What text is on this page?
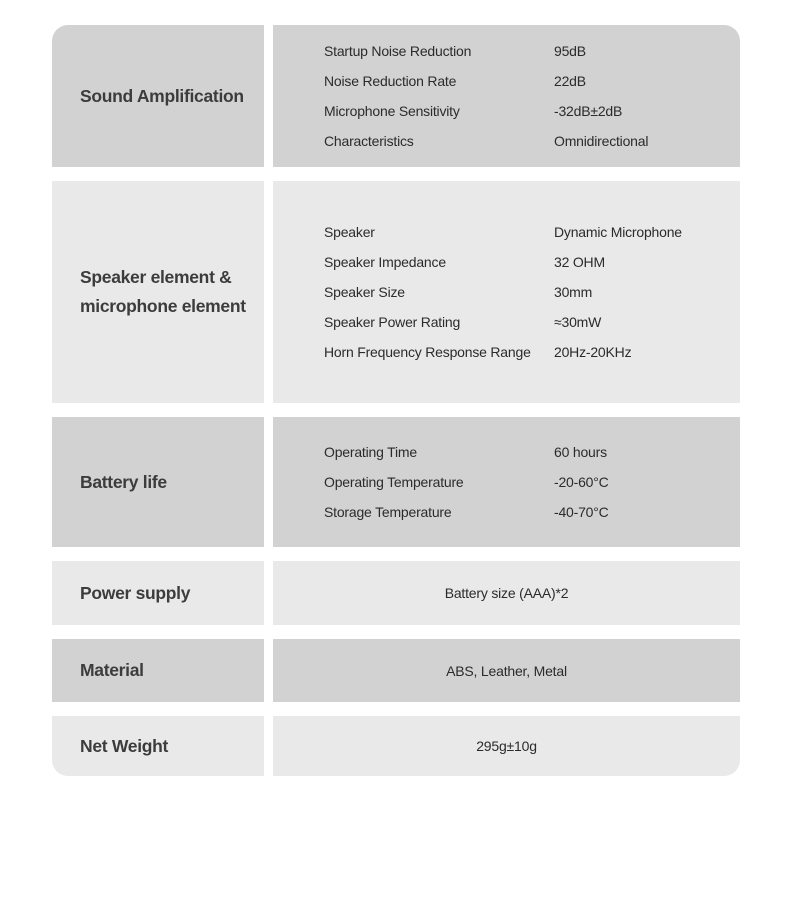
Sound Amplification
Startup Noise Reduction	95dB
Noise Reduction Rate	22dB
Microphone Sensitivity	-32dB±2dB
Characteristics	Omnidirectional
Speaker element & microphone element
Speaker	Dynamic Microphone
Speaker Impedance	32 OHM
Speaker Size	30mm
Speaker Power Rating	≈30mW
Horn Frequency Response Range	20Hz-20KHz
Battery life
Operating Time	60 hours
Operating Temperature	-20-60°C
Storage Temperature	-40-70°C
Power supply	Battery size (AAA)*2
Material	ABS, Leather, Metal
Net Weight	295g±10g
